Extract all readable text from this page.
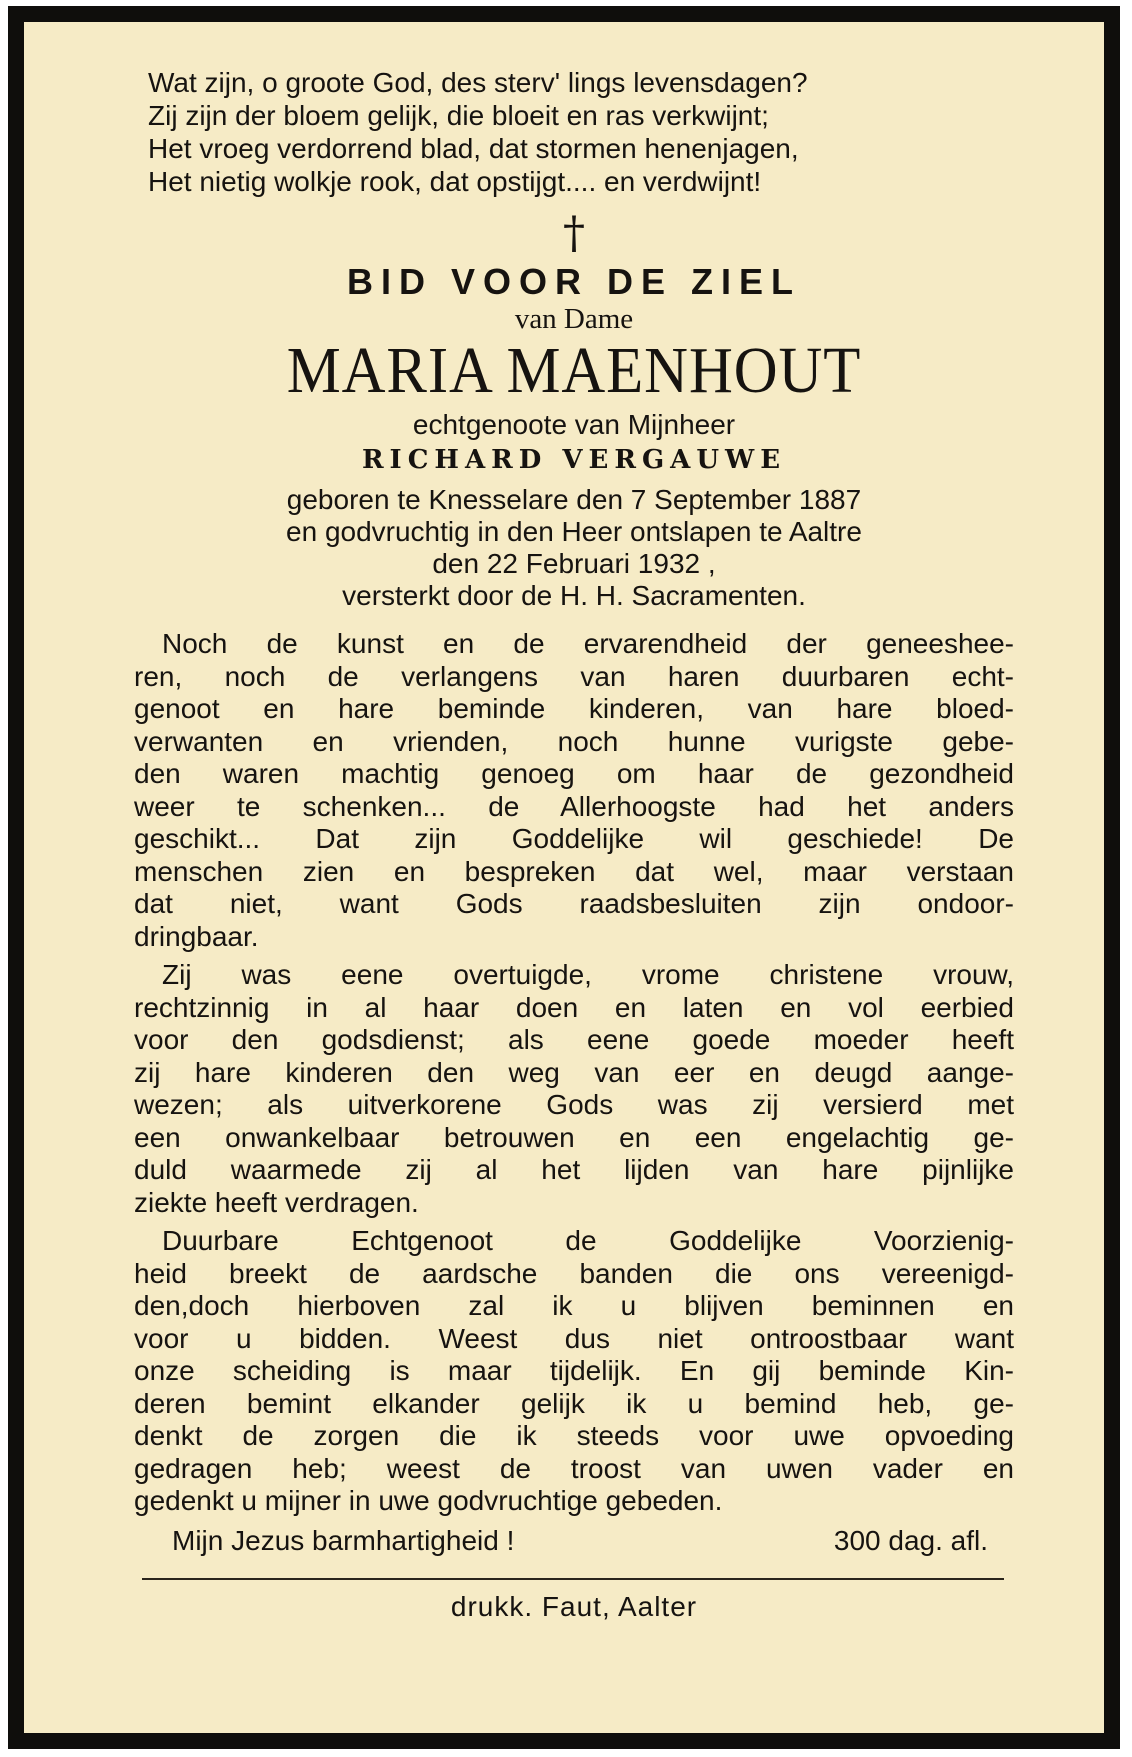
Wat zijn, o groote God, des sterv' lings levensdagen?
Zij zijn der bloem gelijk, die bloeit en ras verkwijnt;
Het vroeg verdorrend blad, dat stormen henenjagen,
Het nietig wolkje rook, dat opstijgt.... en verdwijnt!
†
BID VOOR DE ZIEL
van Dame
MARIA MAENHOUT
echtgenoote van Mijnheer
RICHARD VERGAUWE
geboren te Knesselare den 7 September 1887
en godvruchtig in den Heer ontslapen te Aaltre
den 22 Februari 1932 ,
versterkt door de H. H. Sacramenten.
Noch de kunst en de ervarendheid der geneeshee-
ren, noch de verlangens van haren duurbaren echt-
genoot en hare beminde kinderen, van hare bloed-
verwanten en vrienden, noch hunne vurigste gebe-
den waren machtig genoeg om haar de gezondheid
weer te schenken... de Allerhoogste had het anders
geschikt... Dat zijn Goddelijke wil geschiede! De
menschen zien en bespreken dat wel, maar verstaan
dat niet, want Gods raadsbesluiten zijn ondoor-
dringbaar.
Zij was eene overtuigde, vrome christene vrouw,
rechtzinnig in al haar doen en laten en vol eerbied
voor den godsdienst; als eene goede moeder heeft
zij hare kinderen den weg van eer en deugd aange-
wezen; als uitverkorene Gods was zij versierd met
een onwankelbaar betrouwen en een engelachtig ge-
duld waarmede zij al het lijden van hare pijnlijke
ziekte heeft verdragen.
Duurbare Echtgenoot de Goddelijke Voorzienig-
heid breekt de aardsche banden die ons vereenigd-
den,doch hierboven zal ik u blijven beminnen en
voor u bidden. Weest dus niet ontroostbaar want
onze scheiding is maar tijdelijk. En gij beminde Kin-
deren bemint elkander gelijk ik u bemind heb, ge-
denkt de zorgen die ik steeds voor uwe opvoeding
gedragen heb; weest de troost van uwen vader en
gedenkt u mijner in uwe godvruchtige gebeden.
Mijn Jezus barmhartigheid !	300 dag. afl.
drukk. Faut, Aalter
